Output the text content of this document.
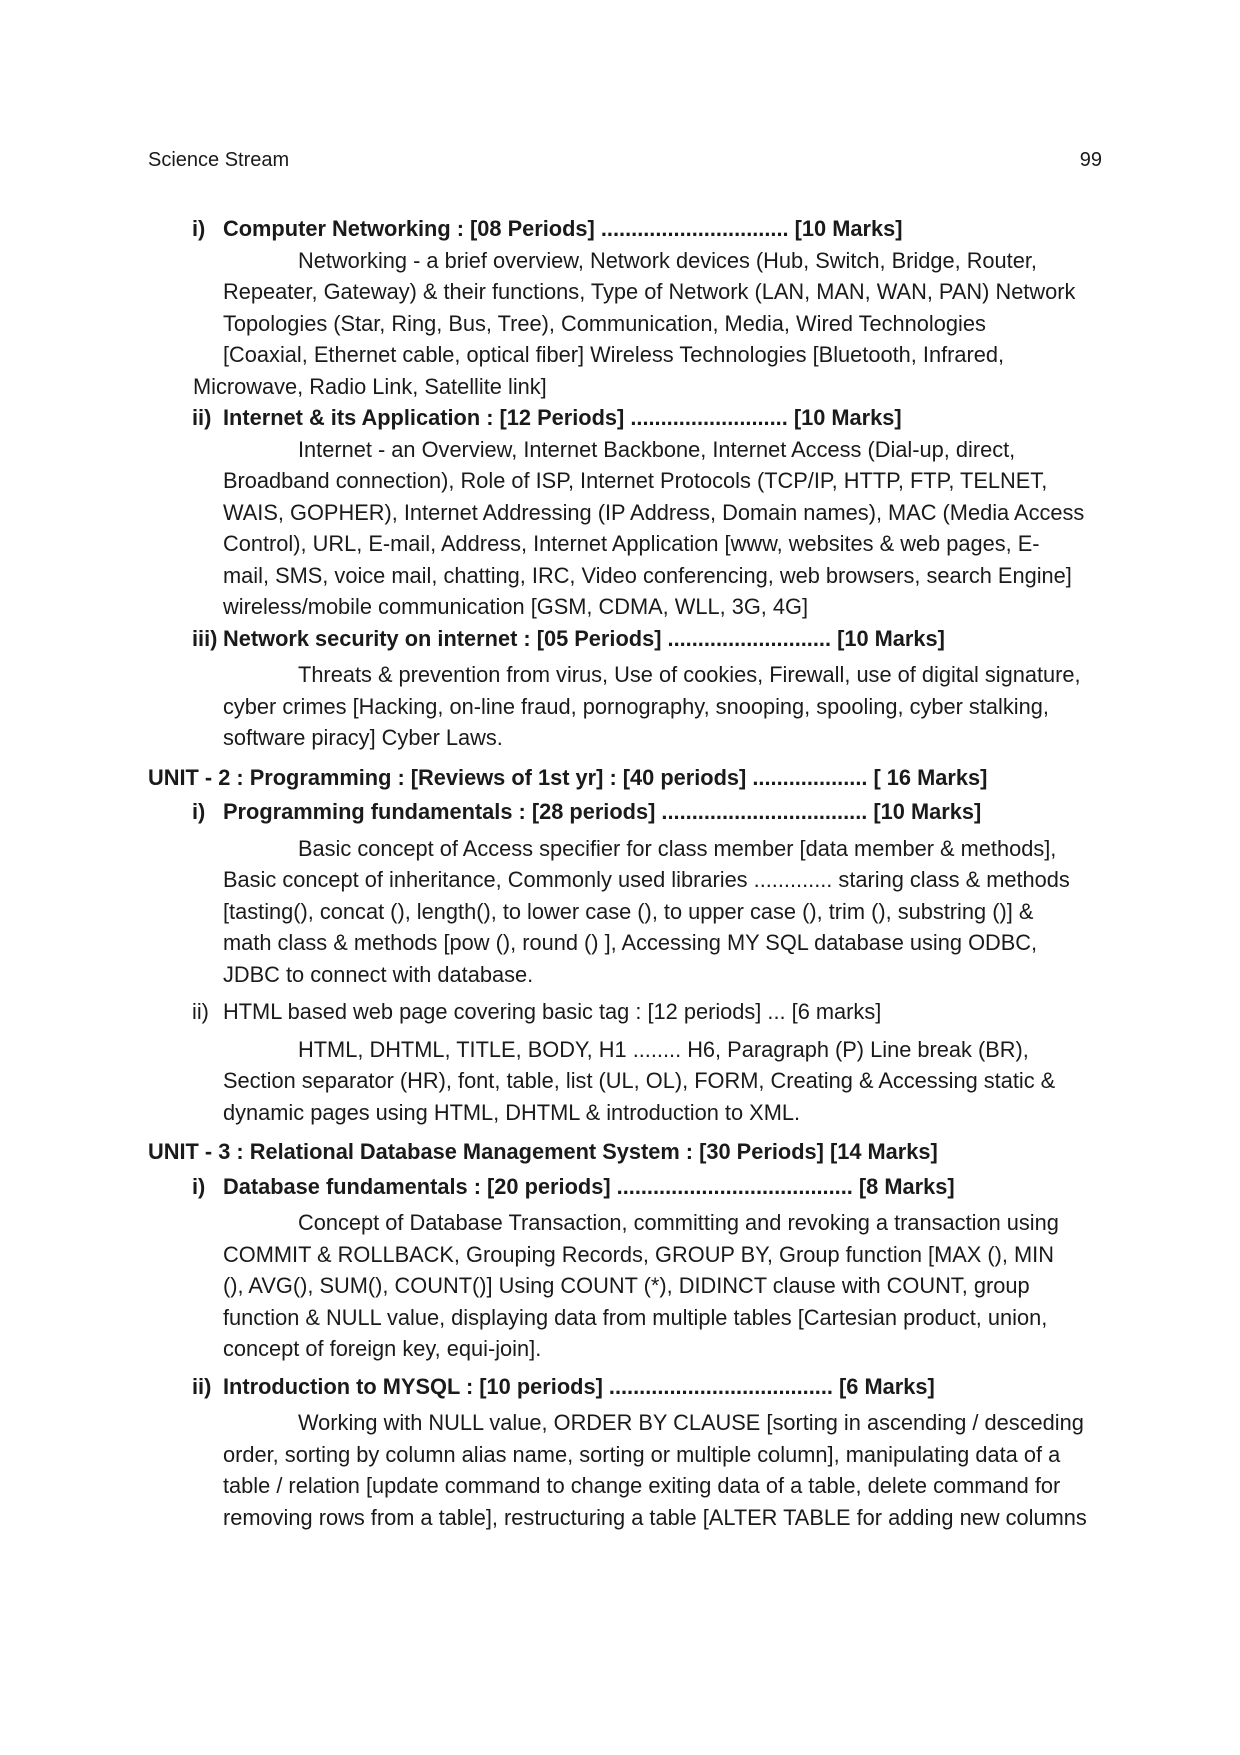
Science Stream	99
i) Computer Networking : [08 Periods] ............................... [10 Marks]
Networking - a brief overview, Network devices (Hub, Switch, Bridge, Router,
Repeater, Gateway) & their functions, Type of Network (LAN, MAN, WAN, PAN) Network
Topologies (Star, Ring, Bus, Tree), Communication, Media, Wired Technologies
[Coaxial, Ethernet cable, optical fiber] Wireless Technologies [Bluetooth, Infrared,
Microwave, Radio Link, Satellite link]
ii) Internet & its Application : [12 Periods] .......................... [10 Marks]
Internet - an Overview, Internet Backbone, Internet Access (Dial-up, direct,
Broadband connection), Role of ISP, Internet Protocols (TCP/IP, HTTP, FTP, TELNET,
WAIS, GOPHER), Internet Addressing (IP Address, Domain names), MAC (Media Access
Control), URL, E-mail, Address, Internet Application [www, websites & web pages, E-
mail, SMS, voice mail, chatting, IRC, Video conferencing, web browsers, search Engine]
wireless/mobile communication [GSM, CDMA, WLL, 3G, 4G]
iii) Network security on internet : [05 Periods] ........................... [10 Marks]
Threats & prevention from virus, Use of cookies, Firewall, use of digital signature,
cyber crimes [Hacking, on-line fraud, pornography, snooping, spooling, cyber stalking,
software piracy] Cyber Laws.
UNIT - 2 : Programming : [Reviews of 1st yr] : [40 periods] ................... [ 16 Marks]
i) Programming fundamentals : [28 periods] .................................. [10 Marks]
Basic concept of Access specifier for class member [data member & methods],
Basic concept of inheritance, Commonly used libraries ............. staring class & methods
[tasting(), concat (), length(), to lower case (), to upper case (), trim (), substring ()] &
math class & methods [pow (), round () ], Accessing MY SQL database using ODBC,
JDBC to connect with database.
ii) HTML based web page covering basic tag : [12 periods] ... [6 marks]
HTML, DHTML, TITLE, BODY, H1 ........ H6, Paragraph (P) Line break (BR),
Section separator (HR), font, table, list (UL, OL), FORM, Creating & Accessing static &
dynamic pages using HTML, DHTML & introduction to XML.
UNIT - 3 : Relational Database Management System : [30 Periods] [14 Marks]
i) Database fundamentals : [20 periods] ....................................... [8 Marks]
Concept of Database Transaction, committing and revoking a transaction using
COMMIT & ROLLBACK, Grouping Records, GROUP BY, Group function [MAX (), MIN
(), AVG(), SUM(), COUNT()] Using COUNT (*), DIDINCT clause with COUNT, group
function & NULL value, displaying data from multiple tables [Cartesian product, union,
concept of foreign key, equi-join].
ii) Introduction to MYSQL : [10 periods] ..................................... [6 Marks]
Working with NULL value, ORDER BY CLAUSE [sorting in ascending / desceding
order, sorting by column alias name, sorting or multiple column], manipulating data of a
table / relation [update command to change exiting data of a table, delete command for
removing rows from a table], restructuring a table [ALTER TABLE for adding new columns
